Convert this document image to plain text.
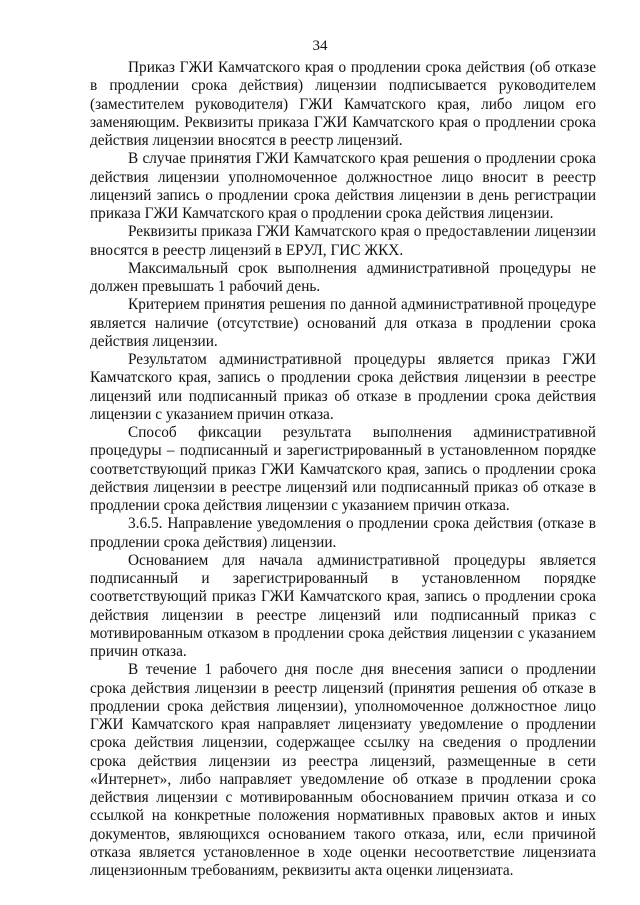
34

Приказ ГЖИ Камчатского края о продлении срока действия (об отказе в продлении срока действия) лицензии подписывается руководителем (заместителем руководителя) ГЖИ Камчатского края, либо лицом его заменяющим. Реквизиты приказа ГЖИ Камчатского края о продлении срока действия лицензии вносятся в реестр лицензий.

В случае принятия ГЖИ Камчатского края решения о продлении срока действия лицензии уполномоченное должностное лицо вносит в реестр лицензий запись о продлении срока действия лицензии в день регистрации приказа ГЖИ Камчатского края о продлении срока действия лицензии.

Реквизиты приказа ГЖИ Камчатского края о предоставлении лицензии вносятся в реестр лицензий в ЕРУЛ, ГИС ЖКХ.

Максимальный срок выполнения административной процедуры не должен превышать 1 рабочий день.

Критерием принятия решения по данной административной процедуре является наличие (отсутствие) оснований для отказа в продлении срока действия лицензии.

Результатом административной процедуры является приказ ГЖИ Камчатского края, запись о продлении срока действия лицензии в реестре лицензий или подписанный приказ об отказе в продлении срока действия лицензии с указанием причин отказа.

Способ фиксации результата выполнения административной процедуры – подписанный и зарегистрированный в установленном порядке соответствующий приказ ГЖИ Камчатского края, запись о продлении срока действия лицензии в реестре лицензий или подписанный приказ об отказе в продлении срока действия лицензии с указанием причин отказа.

3.6.5. Направление уведомления о продлении срока действия (отказе в продлении срока действия) лицензии.

Основанием для начала административной процедуры является подписанный и зарегистрированный в установленном порядке соответствующий приказ ГЖИ Камчатского края, запись о продлении срока действия лицензии в реестре лицензий или подписанный приказ с мотивированным отказом в продлении срока действия лицензии с указанием причин отказа.

В течение 1 рабочего дня после дня внесения записи о продлении срока действия лицензии в реестр лицензий (принятия решения об отказе в продлении срока действия лицензии), уполномоченное должностное лицо ГЖИ Камчатского края направляет лицензиату уведомление о продлении срока действия лицензии, содержащее ссылку на сведения о продлении срока действия лицензии из реестра лицензий, размещенные в сети «Интернет», либо направляет уведомление об отказе в продлении срока действия лицензии с мотивированным обоснованием причин отказа и со ссылкой на конкретные положения нормативных правовых актов и иных документов, являющихся основанием такого отказа, или, если причиной отказа является установленное в ходе оценки несоответствие лицензиата лицензионным требованиям, реквизиты акта оценки лицензиата.
